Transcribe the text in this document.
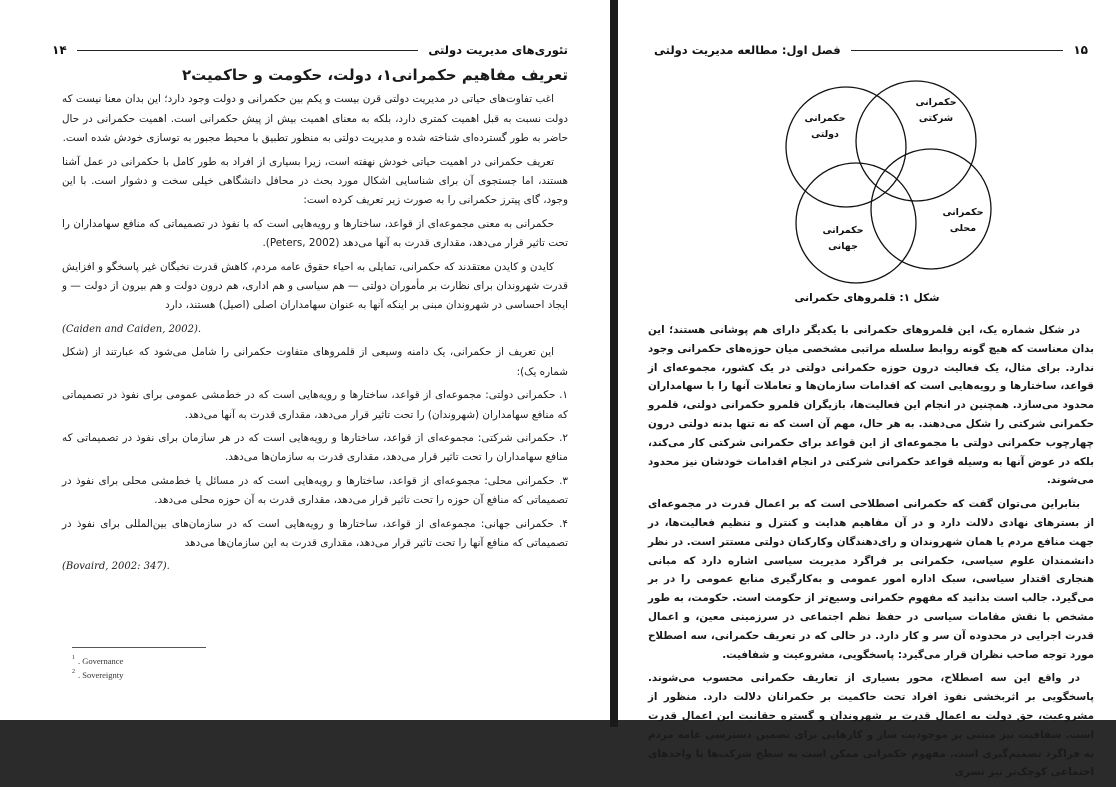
۱۴	تئوری‌های مدیریت دولتی
تعریف مفاهیم حکمرانی۱، دولت، حکومت و حاکمیت۲

اغب تفاوت‌های حیاتی در مدیریت دولتی قرن بیست و یکم بین حکمرانی و دولت وجود دارد؛ این بدان معنا نیست که دولت نسبت به قبل اهمیت کمتری دارد، بلکه به معنای اهمیت بیش از پیش حکمرانی است. اهمیت حکمرانی در حال حاضر به طور گسترده‌ای شناخته شده و مدیریت دولتی به منظور تطبیق با محیط مجبور به توسازی خودش شده است.

تعریف حکمرانی در اهمیت حیاتی خودش نهفته است، زیرا بسیاری از افراد به طور کامل با حکمرانی در عمل آشنا هستند، اما جستجوی آن برای شناسایی اشکال مورد بحث در محافل دانشگاهی خیلی سخت و دشوار است. با این وجود، گای پیترز حکمرانی را به صورت زیر تعریف کرده است:

حکمرانی به معنی مجموعه‌ای از قواعد، ساختارها و رویه‌هایی است که با نفوذ در تصمیماتی که منافع سهامداران را تحت تاثیر قرار می‌دهد، مقداری قدرت به آنها می‌دهد (Peters, 2002).

کایدن و کایدن معتقدند که حکمرانی، تمایلی به احیاء حقوق عامه مردم، کاهش قدرت نخبگان غیر پاسخگو و افزایش قدرت شهروندان برای نظارت بر مأموران دولتی — هم سیاسی و هم اداری، هم درون دولت و هم بیرون از دولت — و ایجاد احساسی در شهروندان مبنی بر اینکه آنها به عنوان سهامداران اصلی (اصیل) هستند، دارد

(Caiden and Caiden, 2002).

این تعریف از حکمرانی، یک دامنه وسیعی از قلمروهای متفاوت حکمرانی را شامل می‌شود که عبارتند از (شکل شماره یک):

۱. حکمرانی دولتی: مجموعه‌ای از قواعد، ساختارها و رویه‌هایی است که در خط‌مشی عمومی برای نفوذ در تصمیماتی که منافع سهامداران (شهروندان) را تحت تاثیر قرار می‌دهد، مقداری قدرت به آنها می‌دهد.

۲. حکمرانی شرکتی: مجموعه‌ای از قواعد، ساختارها و رویه‌هایی است که در هر سازمان برای نفوذ در تصمیماتی که منافع سهامداران را تحت تاثیر قرار می‌دهد، مقداری قدرت به سازمان‌ها می‌دهد.

۳. حکمرانی محلی: مجموعه‌ای از قواعد، ساختارها و رویه‌هایی است که در مسائل یا خط‌مشی محلی برای نفوذ در تصمیماتی که منافع آن حوزه را تحت تاثیر قرار می‌دهد، مقداری قدرت به آن حوزه محلی می‌دهد.

۴. حکمرانی جهانی: مجموعه‌ای از قواعد، ساختارها و رویه‌هایی است که در سازمان‌های بین‌المللی برای نفوذ در تصمیماتی که منافع آنها را تحت تاثیر قرار می‌دهد، مقداری قدرت به این سازمان‌ها می‌دهد

(Bovaird, 2002: 347).

1 . Governance
2 . Sovereignty
فصل اول: مطالعه مدیریت دولتی	۱۵
حکمرانی دولتی
حکمرانی شرکتی
حکمرانی محلی
حکمرانی جهانی
شکل ۱: قلمروهای حکمرانی

در شکل شماره یک، این قلمروهای حکمرانی با یکدیگر دارای هم پوشانی هستند؛ این بدان معناست که هیچ گونه روابط سلسله مراتبی مشخصی میان حوزه‌های حکمرانی وجود ندارد. برای مثال، یک فعالیت درون حوزه حکمرانی دولتی در یک کشور، مجموعه‌ای از قواعد، ساختارها و رویه‌هایی است که اقدامات سازمان‌ها و تعاملات آنها را با سهامداران محدود می‌سازد. همچنین در انجام این فعالیت‌ها، بازیگران قلمرو حکمرانی دولتی، قلمرو حکمرانی شرکتی را شکل می‌دهند. به هر حال، مهم آن است که نه تنها بدنه دولتی درون چهارچوب حکمرانی دولتی با مجموعه‌ای از این قواعد برای حکمرانی شرکتی کار می‌کند، بلکه در عوض آنها به وسیله قواعد حکمرانی شرکتی در انجام اقدامات خودشان نیز محدود می‌شوند.

بنابراین می‌توان گفت که حکمرانی اصطلاحی است که بر اعمال قدرت در مجموعه‌ای از بسترهای نهادی دلالت دارد و در آن مفاهیم هدایت و کنترل و تنظیم فعالیت‌ها، در جهت منافع مردم یا همان شهروندان و رای‌دهندگان وکارکنان دولتی مستتر است. در نظر دانشمندان علوم سیاسی، حکمرانی بر فراگرد مدیریت سیاسی اشاره دارد که مبانی هنجاری اقتدار سیاسی، سبک اداره امور عمومی و به‌کارگیری منابع عمومی را در بر می‌گیرد. جالب است بدانید که مفهوم حکمرانی وسیع‌تر از حکومت است. حکومت، به طور مشخص با نقش مقامات سیاسی در حفظ نظم اجتماعی در سرزمینی معین، و اعمال قدرت اجرایی در محدوده آن سر و کار دارد. در حالی که در تعریف حکمرانی، سه اصطلاح مورد توجه صاحب نظران قرار می‌گیرد: پاسخگویی، مشروعیت و شفافیت.

در واقع این سه اصطلاح، محور بسیاری از تعاریف حکمرانی محسوب می‌شوند. پاسخگویی بر اثربخشی نفوذ افراد تحت حاکمیت بر حکمرانان دلالت دارد. منظور از مشروعیت، حق دولت به اعمال قدرت بر شهروندان و گستره حقانیت این اعمال قدرت است. شفافیت نیز مبتنی بر موجودیت ساز و کارهایی برای تضمین دسترسی عامه مردم به فراگرد تصمیم‌گیری است. مفهوم حکمرانی ممکن است به سطح شرکت‌ها یا واحدهای اجتماعی کوچک‌تر نیز تسری
